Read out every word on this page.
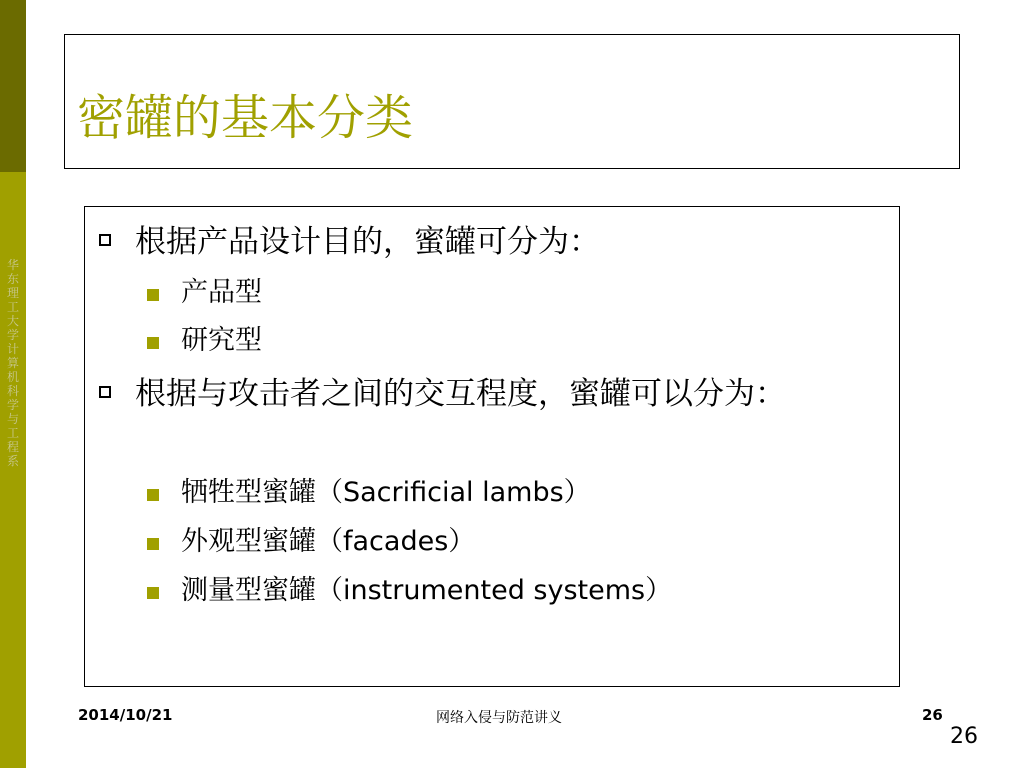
华东理工大学计算机科学与工程系
密罐的基本分类
根据产品设计目的，蜜罐可分为：
产品型
研究型
根据与攻击者之间的交互程度，蜜罐可以分为：
牺牲型蜜罐（Sacrificial lambs）
外观型蜜罐（facades）
测量型蜜罐（instrumented systems）
2014/10/21	网络入侵与防范讲义	26
26
